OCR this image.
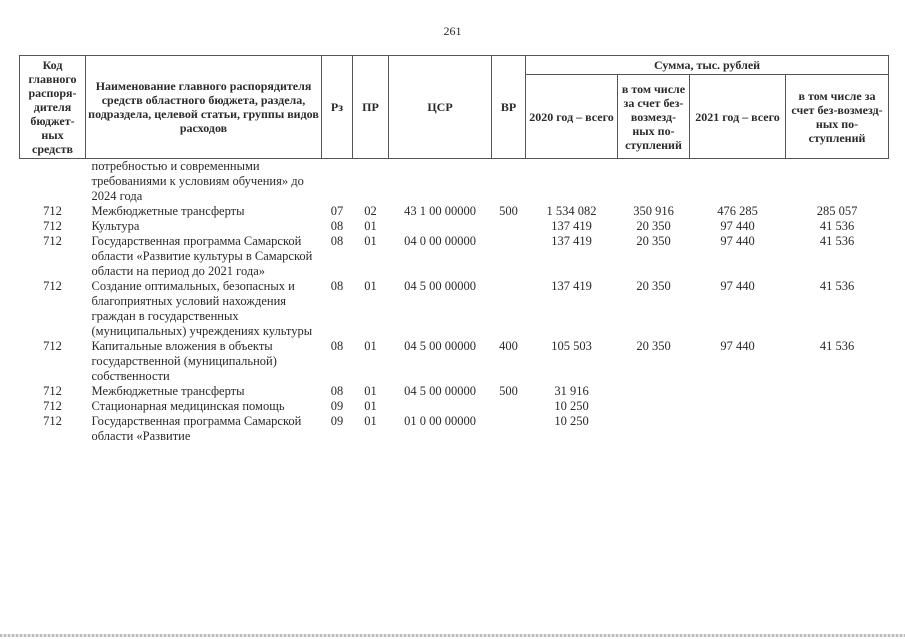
261
Код главного распоря-дителя бюджет-ных средств	Наименование главного распорядителя средств областного бюджета, раздела, подраздела, целевой статьи, группы видов расходов	Рз	ПР	ЦСР	ВР	Сумма, тыс. рублей			
						2020 год – всего	в том числе за счет без-возмезд-ных по-ступлений	2021 год – всего	в том числе за счет без-возмезд-ных по-ступлений
	потребностью и современными требованиями к условиям обучения» до 2024 года								
712	Межбюджетные трансферты	07	02	43 1 00 00000	500	1 534 082	350 916	476 285	285 057
712	Культура	08	01			137 419	20 350	97 440	41 536
712	Государственная программа Самарской области «Развитие культуры в Самарской области на период до 2021 года»	08	01	04 0 00 00000		137 419	20 350	97 440	41 536
712	Создание оптимальных, безопасных и благоприятных условий нахождения граждан в государственных (муниципальных) учреждениях культуры	08	01	04 5 00 00000		137 419	20 350	97 440	41 536
712	Капитальные вложения в объекты государственной (муниципальной) собственности	08	01	04 5 00 00000	400	105 503	20 350	97 440	41 536
712	Межбюджетные трансферты	08	01	04 5 00 00000	500	31 916			
712	Стационарная медицинская помощь	09	01			10 250			
712	Государственная программа Самарской области «Развитие	09	01	01 0 00 00000		10 250			
